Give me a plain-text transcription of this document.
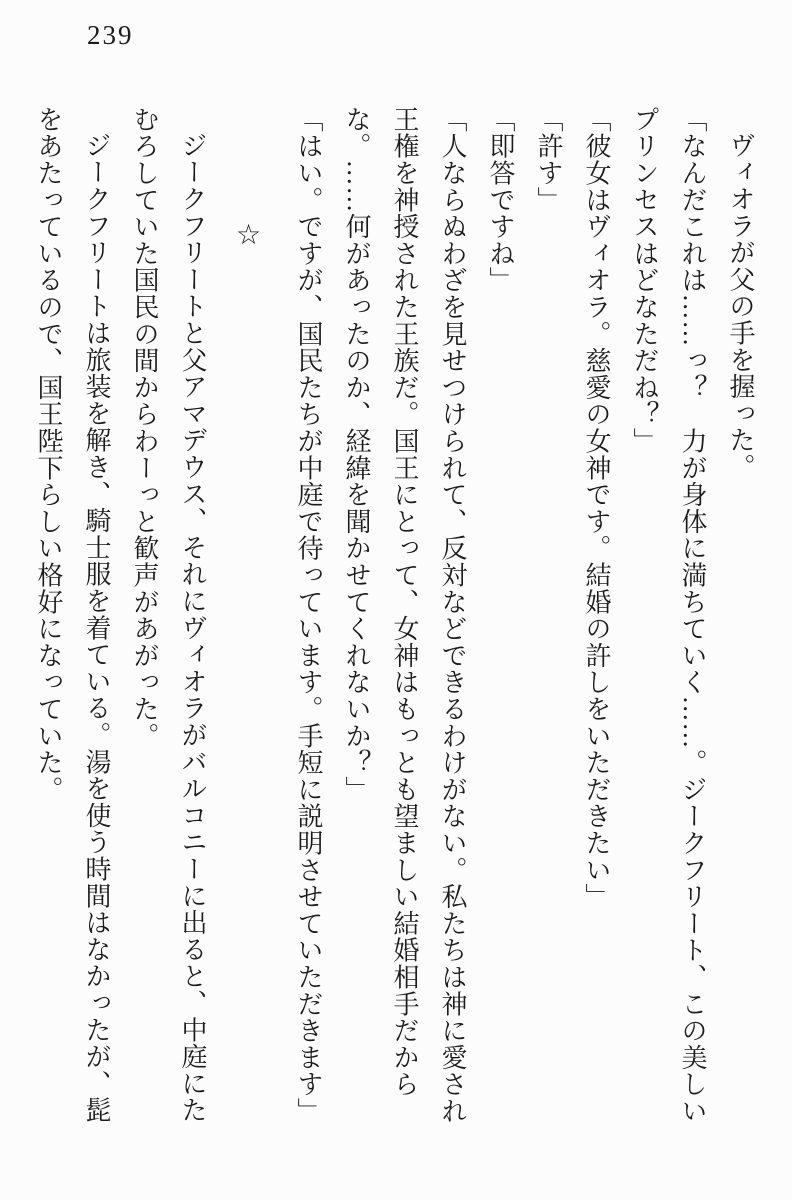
239

ヴィオラが父の手を握った。

「なんだこれは……っ？　力が身体に満ちていく……。ジークフリート、この美しいプリンセスはどなただね？」

「彼女はヴィオラ。慈愛の女神です。結婚の許しをいただきたい」

「許す」

「即答ですね」

「人ならぬわざを見せつけられて、反対などできるわけがない。私たちは神に愛され王権を神授された王族だ。国王にとって、女神はもっとも望ましい結婚相手だからな。……何があったのか、経緯を聞かせてくれないか？」

「はい。ですが、国民たちが中庭で待っています。手短に説明させていただきます」

☆

ジークフリートと父アマデウス、それにヴィオラがバルコニーに出ると、中庭にたむろしていた国民の間からわーっと歓声があがった。

ジークフリートは旅装を解き、騎士服を着ている。湯を使う時間はなかったが、髭をあたっているので、国王陛下らしい格好になっていた。
